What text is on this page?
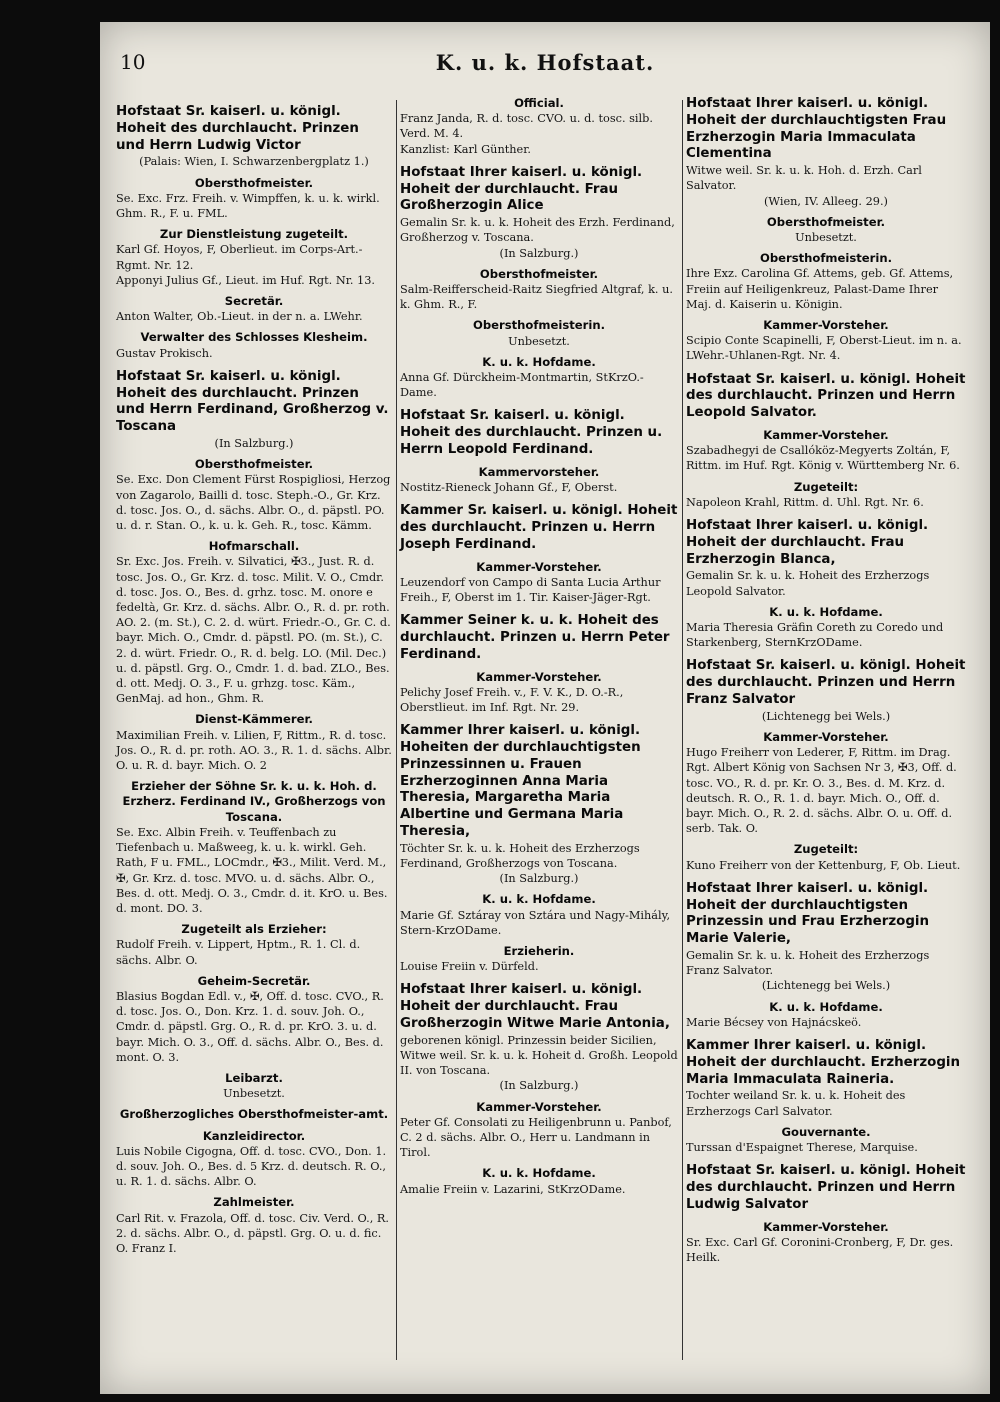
10	K. u. k. Hofstaat.
Hofstaat Sr. kaiserl. u. königl. Hoheit des durchlaucht. Prinzen und Herrn Ludwig Victor
(Palais: Wien, I. Schwarzenbergplatz 1.)
Obersthofmeister.
Se. Exc. Frz. Freih. v. Wimpffen, k. u. k. wirkl. Ghm. R., F. u. FML.
Zur Dienstleistung zugeteilt.
Karl Gf. Hoyos, F, Oberlieut. im Corps-Art.-Rgmt. Nr. 12.
Apponyi Julius Gf., Lieut. im Huf. Rgt. Nr. 13.
Secretär.
Anton Walter, Ob.-Lieut. in der n. a. LWehr.
Verwalter des Schlosses Klesheim.
Gustav Prokisch.
Hofstaat Sr. kaiserl. u. königl. Hoheit des durchlaucht. Prinzen und Herrn Ferdinand, Großherzog v. Toscana
(In Salzburg.)
Obersthofmeister.
Se. Exc. Don Clement Fürst Rospigliosi, Herzog von Zagarolo, Bailli d. tosc. Steph.-O., Gr. Krz. d. tosc. Jos. O., d. sächs. Albr. O., d. päpstl. PO. u. d. r. Stan. O., k. u. k. Geh. R., tosc. Kämm.
Hofmarschall.
Sr. Exc. Jos. Freih. v. Silvatici, ✠3., Just. R. d. tosc. Jos. O., Gr. Krz. d. tosc. Milit. V. O., Cmdr. d. tosc. Jos. O., Bes. d. grhz. tosc. M. onore e fedeltà, Gr. Krz. d. sächs. Albr. O., R. d. pr. roth. AO. 2. (m. St.), C. 2. d. würt. Friedr.-O., Gr. C. d. bayr. Mich. O., Cmdr. d. päpstl. PO. (m. St.), C. 2. d. würt. Friedr. O., R. d. belg. LO. (Mil. Dec.) u. d. päpstl. Grg. O., Cmdr. 1. d. bad. ZLO., Bes. d. ott. Medj. O. 3., F. u. grhzg. tosc. Käm., GenMaj. ad hon., Ghm. R.
Dienst-Kämmerer.
Maximilian Freih. v. Lilien, F, Rittm., R. d. tosc. Jos. O., R. d. pr. roth. AO. 3., R. 1. d. sächs. Albr. O. u. R. d. bayr. Mich. O. 2
Erzieher der Söhne Sr. k. u. k. Hoh. d. Erzherz. Ferdinand IV., Großherzogs von Toscana.
Se. Exc. Albin Freih. v. Teuffenbach zu Tiefenbach u. Maßweeg, k. u. k. wirkl. Geh. Rath, F u. FML., LOCmdr., ✠3., Milit. Verd. M., ✠, Gr. Krz. d. tosc. MVO. u. d. sächs. Albr. O., Bes. d. ott. Medj. O. 3., Cmdr. d. it. KrO. u. Bes. d. mont. DO. 3.
Zugeteilt als Erzieher:
Rudolf Freih. v. Lippert, Hptm., R. 1. Cl. d. sächs. Albr. O.
Geheim-Secretär.
Blasius Bogdan Edl. v., ✠, Off. d. tosc. CVO., R. d. tosc. Jos. O., Don. Krz. 1. d. souv. Joh. O., Cmdr. d. päpstl. Grg. O., R. d. pr. KrO. 3. u. d. bayr. Mich. O. 3., Off. d. sächs. Albr. O., Bes. d. mont. O. 3.
Leibarzt.
Unbesetzt.
Großherzogliches Obersthofmeister-amt.
Kanzleidirector.
Luis Nobile Cigogna, Off. d. tosc. CVO., Don. 1. d. souv. Joh. O., Bes. d. 5 Krz. d. deutsch. R. O., u. R. 1. d. sächs. Albr. O.
Zahlmeister.
Carl Rit. v. Frazola, Off. d. tosc. Civ. Verd. O., R. 2. d. sächs. Albr. O., d. päpstl. Grg. O. u. d. fic. O. Franz I.
Official.
Franz Janda, R. d. tosc. CVO. u. d. tosc. silb. Verd. M. 4.
Kanzlist: Karl Günther.
Hofstaat Ihrer kaiserl. u. königl. Hoheit der durchlaucht. Frau Großherzogin Alice
Gemalin Sr. k. u. k. Hoheit des Erzh. Ferdinand, Großherzog v. Toscana.
(In Salzburg.)
Obersthofmeister.
Salm-Reifferscheid-Raitz Siegfried Altgraf, k. u. k. Ghm. R., F.
Obersthofmeisterin.
Unbesetzt.
K. u. k. Hofdame.
Anna Gf. Dürckheim-Montmartin, StKrzO.-Dame.
Hofstaat Sr. kaiserl. u. königl. Hoheit des durchlaucht. Prinzen u. Herrn Leopold Ferdinand.
Kammervorsteher.
Nostitz-Rieneck Johann Gf., F, Oberst.
Kammer Sr. kaiserl. u. königl. Hoheit des durchlaucht. Prinzen u. Herrn Joseph Ferdinand.
Kammer-Vorsteher.
Leuzendorf von Campo di Santa Lucia Arthur Freih., F, Oberst im 1. Tir. Kaiser-Jäger-Rgt.
Kammer Seiner k. u. k. Hoheit des durchlaucht. Prinzen u. Herrn Peter Ferdinand.
Kammer-Vorsteher.
Pelichy Josef Freih. v., F. V. K., D. O.-R., Oberstlieut. im Inf. Rgt. Nr. 29.
Kammer Ihrer kaiserl. u. königl. Hoheiten der durchlauchtigsten Prinzessinnen u. Frauen Erzherzoginnen Anna Maria Theresia, Margaretha Maria Albertine und Germana Maria Theresia,
Töchter Sr. k. u. k. Hoheit des Erzherzogs Ferdinand, Großherzogs von Toscana.
(In Salzburg.)
K. u. k. Hofdame.
Marie Gf. Sztáray von Sztára und Nagy-Mihály, Stern-KrzODame.
Erzieherin.
Louise Freiin v. Dürfeld.
Hofstaat Ihrer kaiserl. u. königl. Hoheit der durchlaucht. Frau Großherzogin Witwe Marie Antonia,
geborenen königl. Prinzessin beider Sicilien, Witwe weil. Sr. k. u. k. Hoheit d. Großh. Leopold II. von Toscana.
(In Salzburg.)
Kammer-Vorsteher.
Peter Gf. Consolati zu Heiligenbrunn u. Panbof, C. 2 d. sächs. Albr. O., Herr u. Landmann in Tirol.
K. u. k. Hofdame.
Amalie Freiin v. Lazarini, StKrzODame.
Hofstaat Ihrer kaiserl. u. königl. Hoheit der durchlauchtigsten Frau Erzherzogin Maria Immaculata Clementina
Witwe weil. Sr. k. u. k. Hoh. d. Erzh. Carl Salvator.
(Wien, IV. Alleeg. 29.)
Obersthofmeister.
Unbesetzt.
Obersthofmeisterin.
Ihre Exz. Carolina Gf. Attems, geb. Gf. Attems, Freiin auf Heiligenkreuz, Palast-Dame Ihrer Maj. d. Kaiserin u. Königin.
Kammer-Vorsteher.
Scipio Conte Scapinelli, F, Oberst-Lieut. im n. a. LWehr.-Uhlanen-Rgt. Nr. 4.
Hofstaat Sr. kaiserl. u. königl. Hoheit des durchlaucht. Prinzen und Herrn Leopold Salvator.
Kammer-Vorsteher.
Szabadhegyi de Csallóköz-Megyerts Zoltán, F, Rittm. im Huf. Rgt. König v. Württemberg Nr. 6.
Zugeteilt:
Napoleon Krahl, Rittm. d. Uhl. Rgt. Nr. 6.
Hofstaat Ihrer kaiserl. u. königl. Hoheit der durchlaucht. Frau Erzherzogin Blanca,
Gemalin Sr. k. u. k. Hoheit des Erzherzogs Leopold Salvator.
K. u. k. Hofdame.
Maria Theresia Gräfin Coreth zu Coredo und Starkenberg, SternKrzODame.
Hofstaat Sr. kaiserl. u. königl. Hoheit des durchlaucht. Prinzen und Herrn Franz Salvator
(Lichtenegg bei Wels.)
Kammer-Vorsteher.
Hugo Freiherr von Lederer, F, Rittm. im Drag. Rgt. Albert König von Sachsen Nr 3, ✠3, Off. d. tosc. VO., R. d. pr. Kr. O. 3., Bes. d. M. Krz. d. deutsch. R. O., R. 1. d. bayr. Mich. O., Off. d. bayr. Mich. O., R. 2. d. sächs. Albr. O. u. Off. d. serb. Tak. O.
Zugeteilt:
Kuno Freiherr von der Kettenburg, F, Ob. Lieut.
Hofstaat Ihrer kaiserl. u. königl. Hoheit der durchlauchtigsten Prinzessin und Frau Erzherzogin Marie Valerie,
Gemalin Sr. k. u. k. Hoheit des Erzherzogs Franz Salvator.
(Lichtenegg bei Wels.)
K. u. k. Hofdame.
Marie Bécsey von Hajnácskeö.
Kammer Ihrer kaiserl. u. königl. Hoheit der durchlaucht. Erzherzogin Maria Immaculata Raineria.
Tochter weiland Sr. k. u. k. Hoheit des Erzherzogs Carl Salvator.
Gouvernante.
Turssan d'Espaignet Therese, Marquise.
Hofstaat Sr. kaiserl. u. königl. Hoheit des durchlaucht. Prinzen und Herrn Ludwig Salvator
Kammer-Vorsteher.
Sr. Exc. Carl Gf. Coronini-Cronberg, F, Dr. ges. Heilk.
